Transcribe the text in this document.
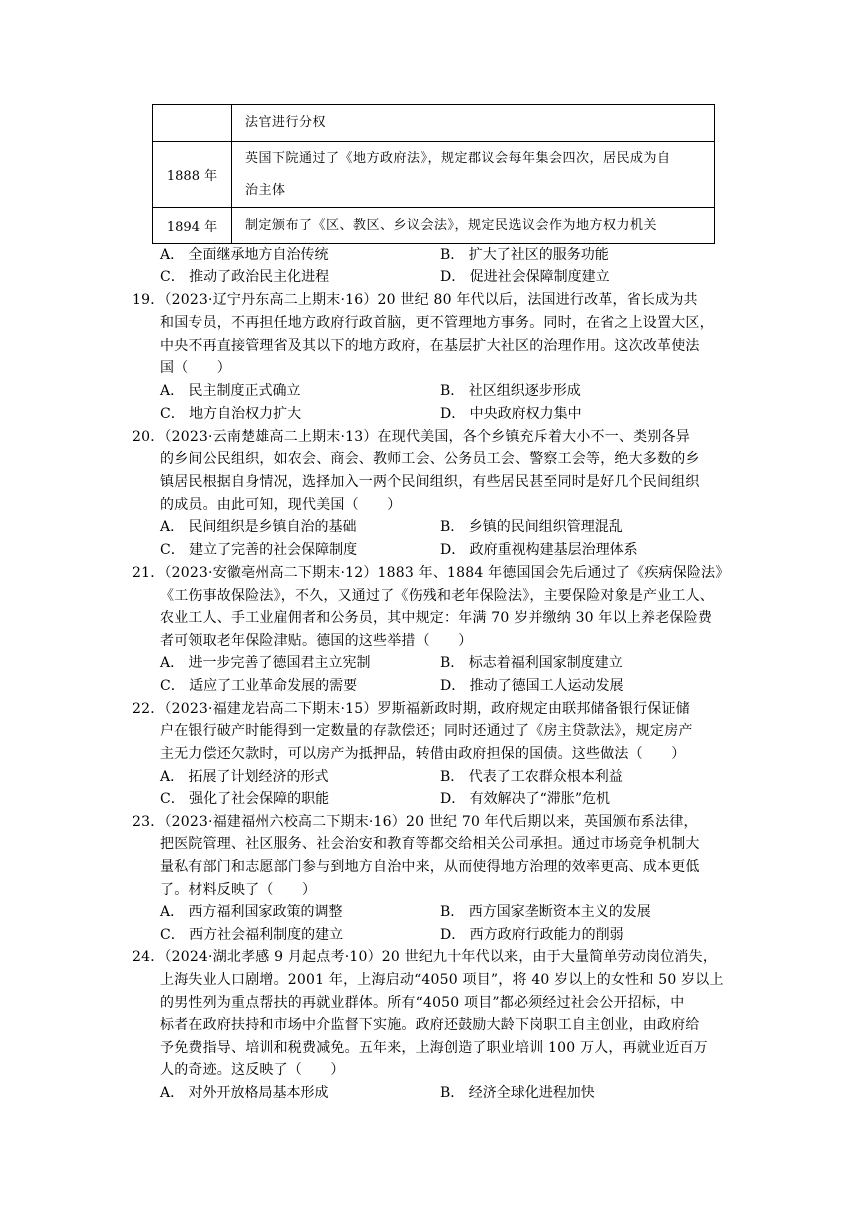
	法官进行分权
1888 年	英国下院通过了《地方政府法》，规定郡议会每年集会四次，居民成为自
治主体
1894 年	制定颁布了《区、教区、乡议会法》，规定民选议会作为地方权力机关
A． 全面继承地方自治传统	B． 扩大了社区的服务功能
C． 推动了政治民主化进程	D． 促进社会保障制度建立
19．（2023·辽宁丹东高二上期末·16）20 世纪 80 年代以后，法国进行改革，省长成为共
和国专员，不再担任地方政府行政首脑，更不管理地方事务。同时，在省之上设置大区，
中央不再直接管理省及其以下的地方政府，在基层扩大社区的治理作用。这次改革使法
国（　　）
A． 民主制度正式确立	B． 社区组织逐步形成
C． 地方自治权力扩大	D． 中央政府权力集中
20．（2023·云南楚雄高二上期末·13）在现代美国，各个乡镇充斥着大小不一、类别各异
的乡间公民组织，如农会、商会、教师工会、公务员工会、警察工会等，绝大多数的乡
镇居民根据自身情况，选择加入一两个民间组织，有些居民甚至同时是好几个民间组织
的成员。由此可知，现代美国（　　）
A． 民间组织是乡镇自治的基础	B． 乡镇的民间组织管理混乱
C． 建立了完善的社会保障制度	D． 政府重视构建基层治理体系
21．（2023·安徽亳州高二下期末·12）1883 年、1884 年德国国会先后通过了《疾病保险法》
《工伤事故保险法》，不久，又通过了《伤残和老年保险法》，主要保险对象是产业工人、
农业工人、手工业雇佣者和公务员，其中规定：年满 70 岁并缴纳 30 年以上养老保险费
者可领取老年保险津贴。德国的这些举措（　　）
A． 进一步完善了德国君主立宪制	B． 标志着福利国家制度建立
C． 适应了工业革命发展的需要	D． 推动了德国工人运动发展
22．（2023·福建龙岩高二下期末·15）罗斯福新政时期，政府规定由联邦储备银行保证储
户在银行破产时能得到一定数量的存款偿还；同时还通过了《房主贷款法》，规定房产
主无力偿还欠款时，可以房产为抵押品，转借由政府担保的国债。这些做法（　　）
A． 拓展了计划经济的形式	B． 代表了工农群众根本利益
C． 强化了社会保障的职能	D． 有效解决了“滞胀”危机
23．（2023·福建福州六校高二下期末·16）20 世纪 70 年代后期以来，英国颁布系法律，
把医院管理、社区服务、社会治安和教育等都交给相关公司承担。通过市场竞争机制大
量私有部门和志愿部门参与到地方自治中来，从而使得地方治理的效率更高、成本更低
了。材料反映了（　　）
A． 西方福利国家政策的调整	B． 西方国家垄断资本主义的发展
C． 西方社会福利制度的建立	D． 西方政府行政能力的削弱
24．（2024·湖北孝感 9 月起点考·10）20 世纪九十年代以来，由于大量简单劳动岗位消失，
上海失业人口剧增。2001 年，上海启动“4050 项目”，将 40 岁以上的女性和 50 岁以上
的男性列为重点帮扶的再就业群体。所有“4050 项目”都必须经过社会公开招标，中
标者在政府扶持和市场中介监督下实施。政府还鼓励大龄下岗职工自主创业，由政府给
予免费指导、培训和税费减免。五年来，上海创造了职业培训 100 万人，再就业近百万
人的奇迹。这反映了（　　）
A． 对外开放格局基本形成	B． 经济全球化进程加快
